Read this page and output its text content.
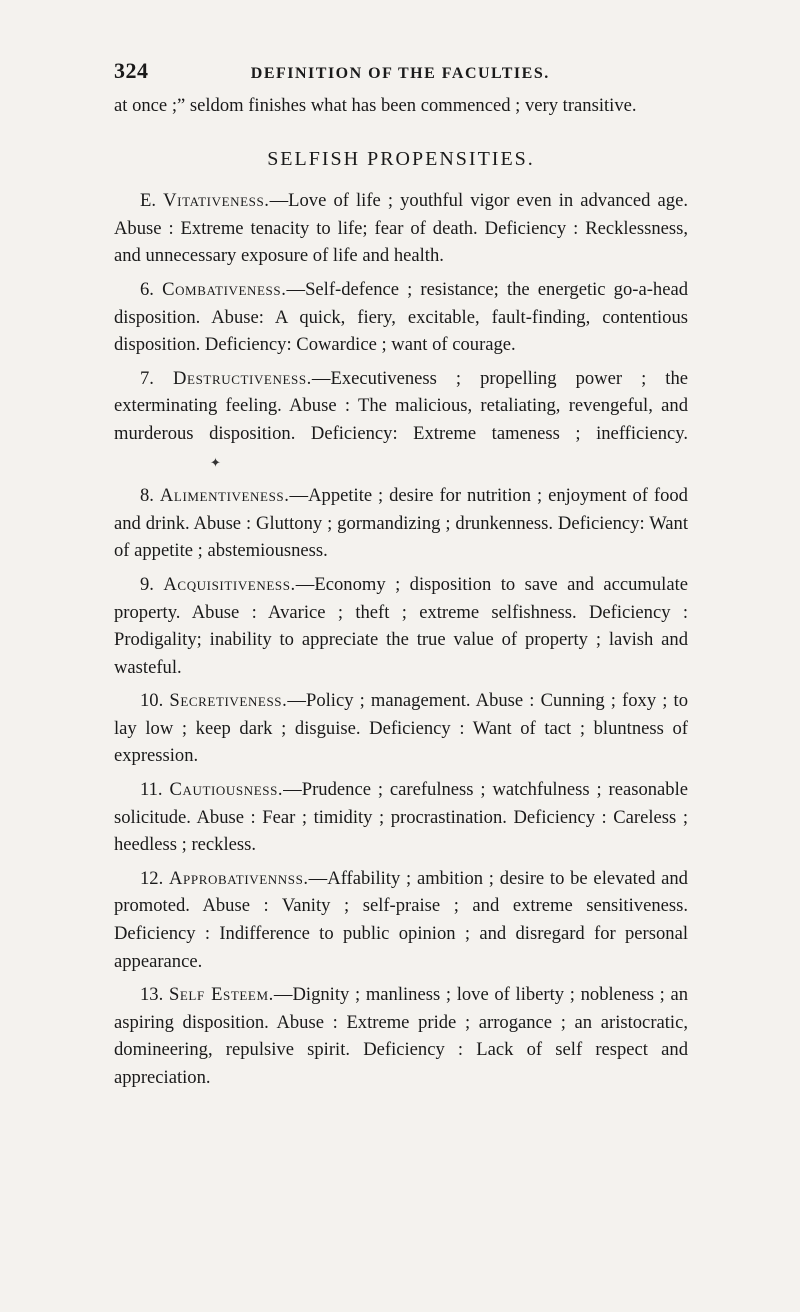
324	DEFINITION OF THE FACULTIES.

at once ;” seldom finishes what has been commenced ; very transitive.

SELFISH PROPENSITIES.

E. Vitativeness.—Love of life ; youthful vigor even in advanced age. Abuse : Extreme tenacity to life; fear of death. Deficiency : Recklessness, and unnecessary exposure of life and health.

6. Combativeness.—Self-defence ; resistance; the energetic go-a-head disposition. Abuse: A quick, fiery, excitable, fault-finding, contentious disposition. Deficiency: Cowardice ; want of courage.

7. Destructiveness.—Executiveness ; propelling power ; the exterminating feeling. Abuse : The malicious, retaliating, revengeful, and murderous disposition. Deficiency: Extreme tameness ; inefficiency.✦

8. Alimentiveness.—Appetite ; desire for nutrition ; enjoyment of food and drink. Abuse : Gluttony ; gormandizing ; drunkenness. Deficiency: Want of appetite ; abstemiousness.

9. Acquisitiveness.—Economy ; disposition to save and accumulate property. Abuse : Avarice ; theft ; extreme selfishness. Deficiency : Prodigality; inability to appreciate the true value of property ; lavish and wasteful.

10. Secretiveness.—Policy ; management. Abuse : Cunning ; foxy ; to lay low ; keep dark ; disguise. Deficiency : Want of tact ; bluntness of expression.

11. Cautiousness.—Prudence ; carefulness ; watchfulness ; reasonable solicitude. Abuse : Fear ; timidity ; procrastination. Deficiency : Careless ; heedless ; reckless.

12. Approbativennss.—Affability ; ambition ; desire to be elevated and promoted. Abuse : Vanity ; self-praise ; and extreme sensitiveness. Deficiency : Indifference to public opinion ; and disregard for personal appearance.

13. Self Esteem.—Dignity ; manliness ; love of liberty ; nobleness ; an aspiring disposition. Abuse : Extreme pride ; arrogance ; an aristocratic, domineering, repulsive spirit. Deficiency : Lack of self respect and appreciation.
